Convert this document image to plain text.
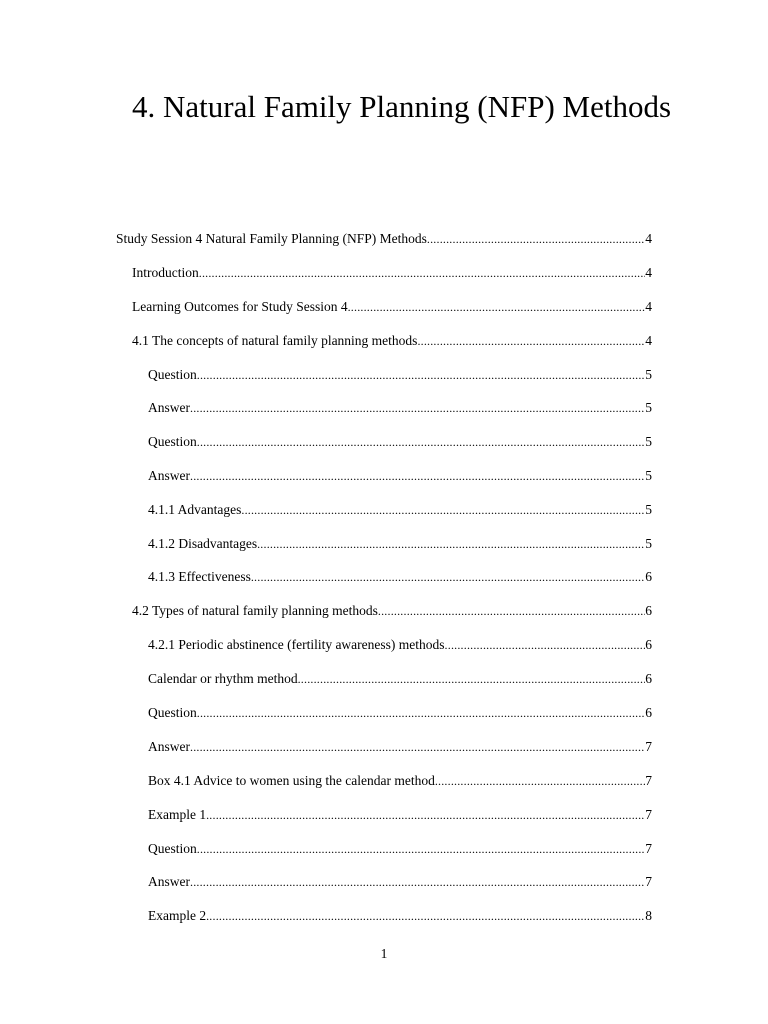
4. Natural Family Planning (NFP) Methods
Study Session 4 Natural Family Planning (NFP) Methods .....	4
Introduction .....	4
Learning Outcomes for Study Session 4 .....	4
4.1 The concepts of natural family planning methods .....	4
Question .....	5
Answer .....	5
Question .....	5
Answer .....	5
4.1.1 Advantages .....	5
4.1.2 Disadvantages .....	5
4.1.3 Effectiveness .....	6
4.2 Types of natural family planning methods .....	6
4.2.1 Periodic abstinence (fertility awareness) methods .....	6
Calendar or rhythm method .....	6
Question .....	6
Answer .....	7
Box 4.1 Advice to women using the calendar method .....	7
Example 1 .....	7
Question .....	7
Answer .....	7
Example 2 .....	8
1
